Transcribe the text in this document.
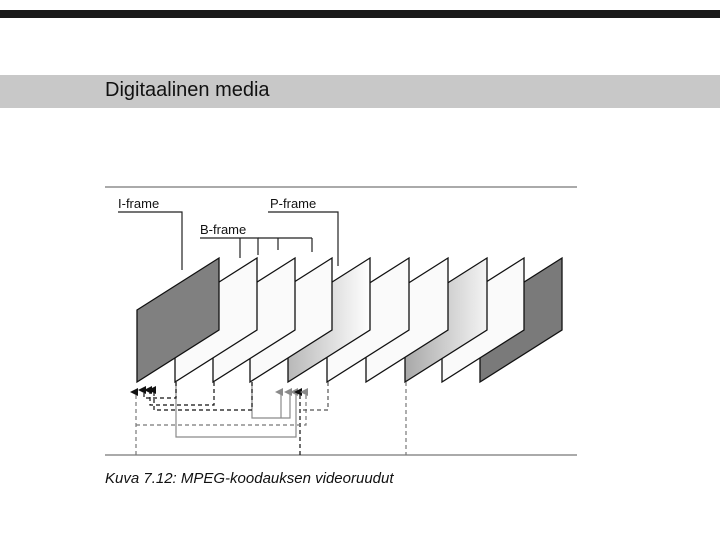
Digitaalinen media
I-frame
B-frame
P-frame
Kuva 7.12: MPEG-koodauksen videoruudut
